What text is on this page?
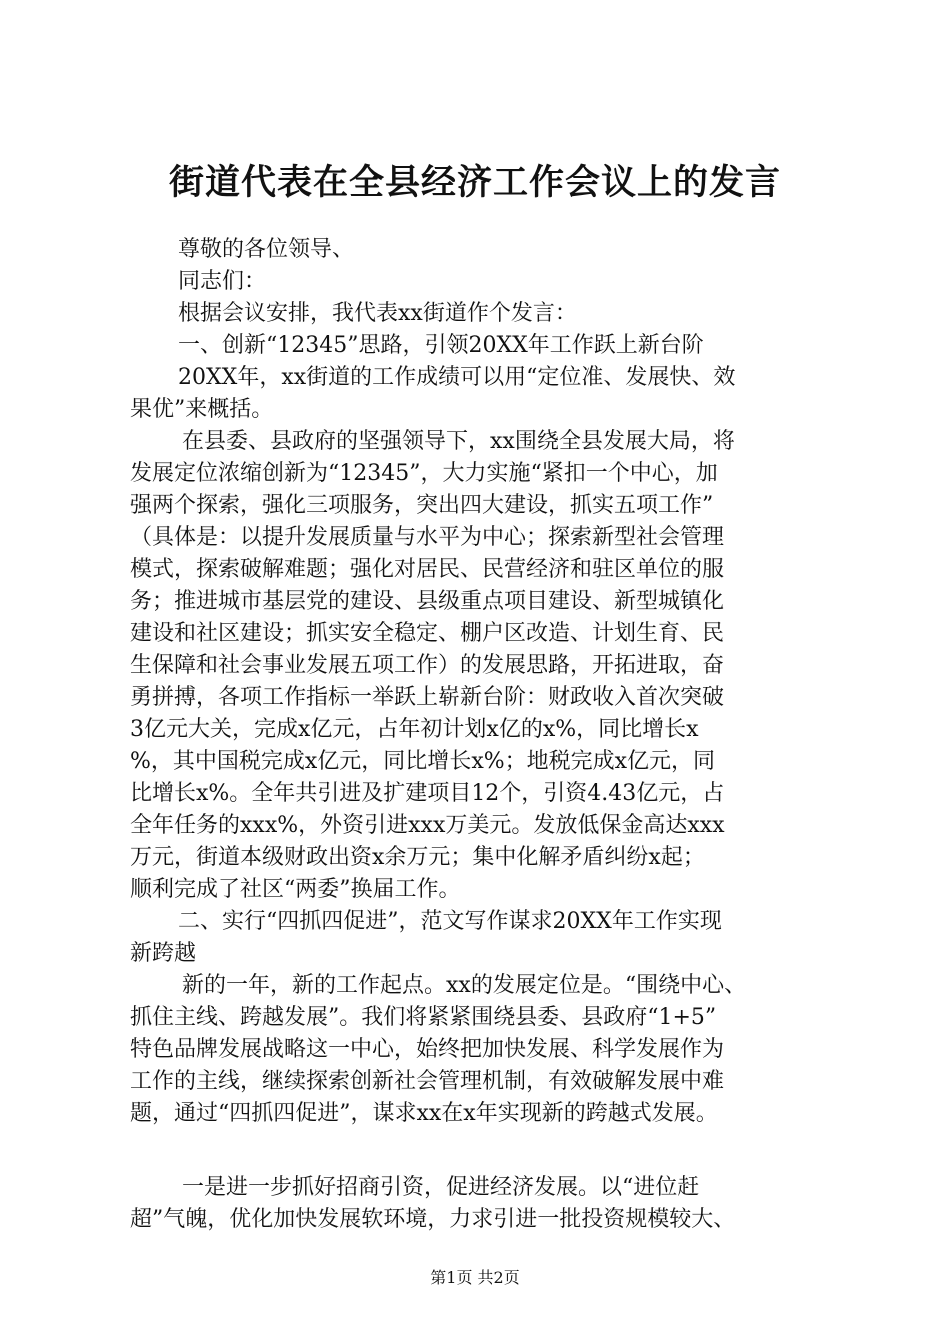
街道代表在全县经济工作会议上的发言
尊敬的各位领导、
同志们：
根据会议安排，我代表xx街道作个发言：
一、创新“12345”思路，引领20XX年工作跃上新台阶
20XX年，xx街道的工作成绩可以用“定位准、发展快、效
果优”来概括。
在县委、县政府的坚强领导下，xx围绕全县发展大局，将
发展定位浓缩创新为“12345”，大力实施“紧扣一个中心，加
强两个探索，强化三项服务，突出四大建设，抓实五项工作”
（具体是：以提升发展质量与水平为中心；探索新型社会管理
模式，探索破解难题；强化对居民、民营经济和驻区单位的服
务；推进城市基层党的建设、县级重点项目建设、新型城镇化
建设和社区建设；抓实安全稳定、棚户区改造、计划生育、民
生保障和社会事业发展五项工作）的发展思路，开拓进取，奋
勇拼搏，各项工作指标一举跃上崭新台阶：财政收入首次突破
3亿元大关，完成x亿元，占年初计划x亿的x%，同比增长x
%，其中国税完成x亿元，同比增长x%；地税完成x亿元，同
比增长x%。全年共引进及扩建项目12个，引资4.43亿元，占
全年任务的xxx%，外资引进xxx万美元。发放低保金高达xxx
万元，街道本级财政出资x余万元；集中化解矛盾纠纷x起；
顺利完成了社区“两委”换届工作。
二、实行“四抓四促进”，范文写作谋求20XX年工作实现
新跨越
新的一年，新的工作起点。xx的发展定位是。“围绕中心、
抓住主线、跨越发展”。我们将紧紧围绕县委、县政府“1+5”
特色品牌发展战略这一中心，始终把加快发展、科学发展作为
工作的主线，继续探索创新社会管理机制，有效破解发展中难
题，通过“四抓四促进”，谋求xx在x年实现新的跨越式发展。
一是进一步抓好招商引资，促进经济发展。以“进位赶
超”气魄，优化加快发展软环境，力求引进一批投资规模较大、
第1页 共2页
